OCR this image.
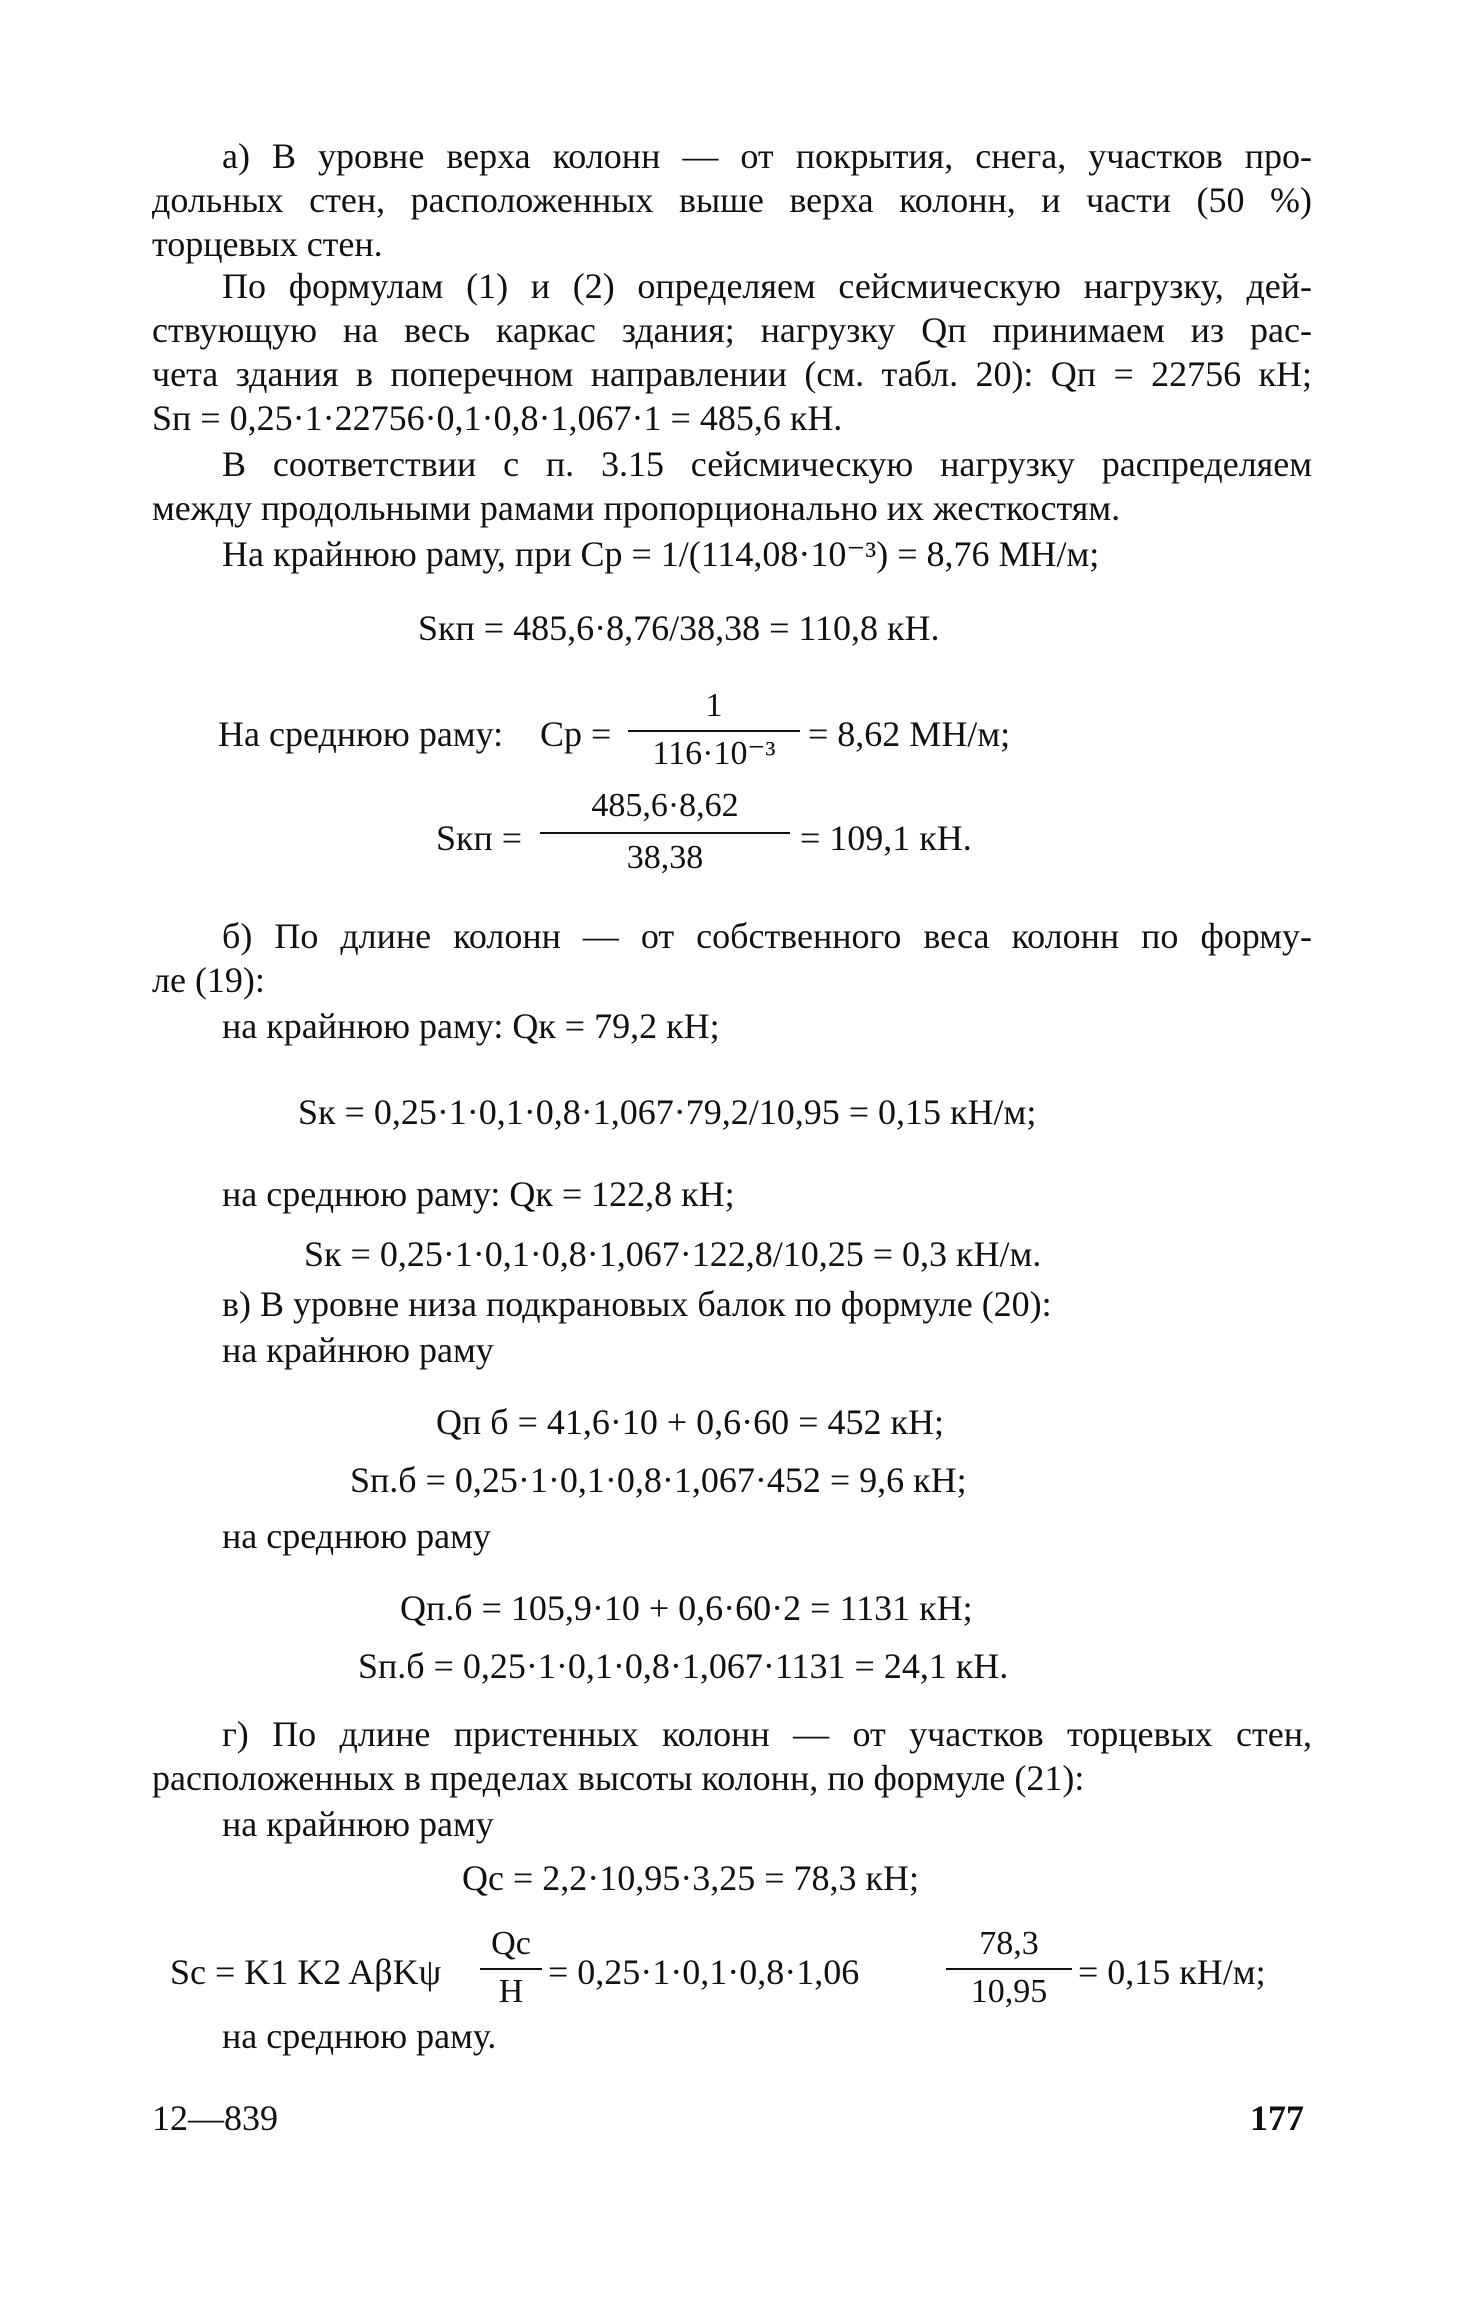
а) В уровне верха колонн — от покрытия, снега, участков про-
дольных стен, расположенных выше верха колонн, и части (50 %)
торцевых стен.
По формулам (1) и (2) определяем сейсмическую нагрузку, дей-
ствующую на весь каркас здания; нагрузку Qп принимаем из рас-
чета здания в поперечном направлении (см. табл. 20): Qп = 22756 кН;
Sп = 0,25·1·22756·0,1·0,8·1,067·1 = 485,6 кН.
В соответствии с п. 3.15 сейсмическую нагрузку распределяем
между продольными рамами пропорционально их жесткостям.
На крайнюю раму, при Cр = 1/(114,08·10⁻³) = 8,76 МН/м;
Sкп = 485,6·8,76/38,38 = 110,8 кН.
На среднюю раму: Cр =
1
116·10⁻³ = 8,62 МН/м;
Sкп =
485,6·8,62
38,38	= 109,1 кН.
б) По длине колонн — от собственного веса колонн по форму-
ле (19):
на крайнюю раму: Qк = 79,2 кН;
Sк = 0,25·1·0,1·0,8·1,067·79,2/10,95 = 0,15 кН/м;
на среднюю раму: Qк = 122,8 кН;
Sк = 0,25·1·0,1·0,8·1,067·122,8/10,25 = 0,3 кН/м.
в) В уровне низа подкрановых балок по формуле (20):
на крайнюю раму
Qп б = 41,6·10 + 0,6·60 = 452 кН;
Sп.б = 0,25·1·0,1·0,8·1,067·452 = 9,6 кН;
на среднюю раму
Qп.б = 105,9·10 + 0,6·60·2 = 1131 кН;
Sп.б = 0,25·1·0,1·0,8·1,067·1131 = 24,1 кН.
г) По длине пристенных колонн — от участков торцевых стен,
расположенных в пределах высоты колонн, по формуле (21):
на крайнюю раму
Qс = 2,2·10,95·3,25 = 78,3 кН;
Sс = K1 K2 AβKψ
Qс
H = 0,25·1·0,1·0,8·1,06
78,3
10,95 = 0,15 кН/м;
на среднюю раму.
12—839	177
